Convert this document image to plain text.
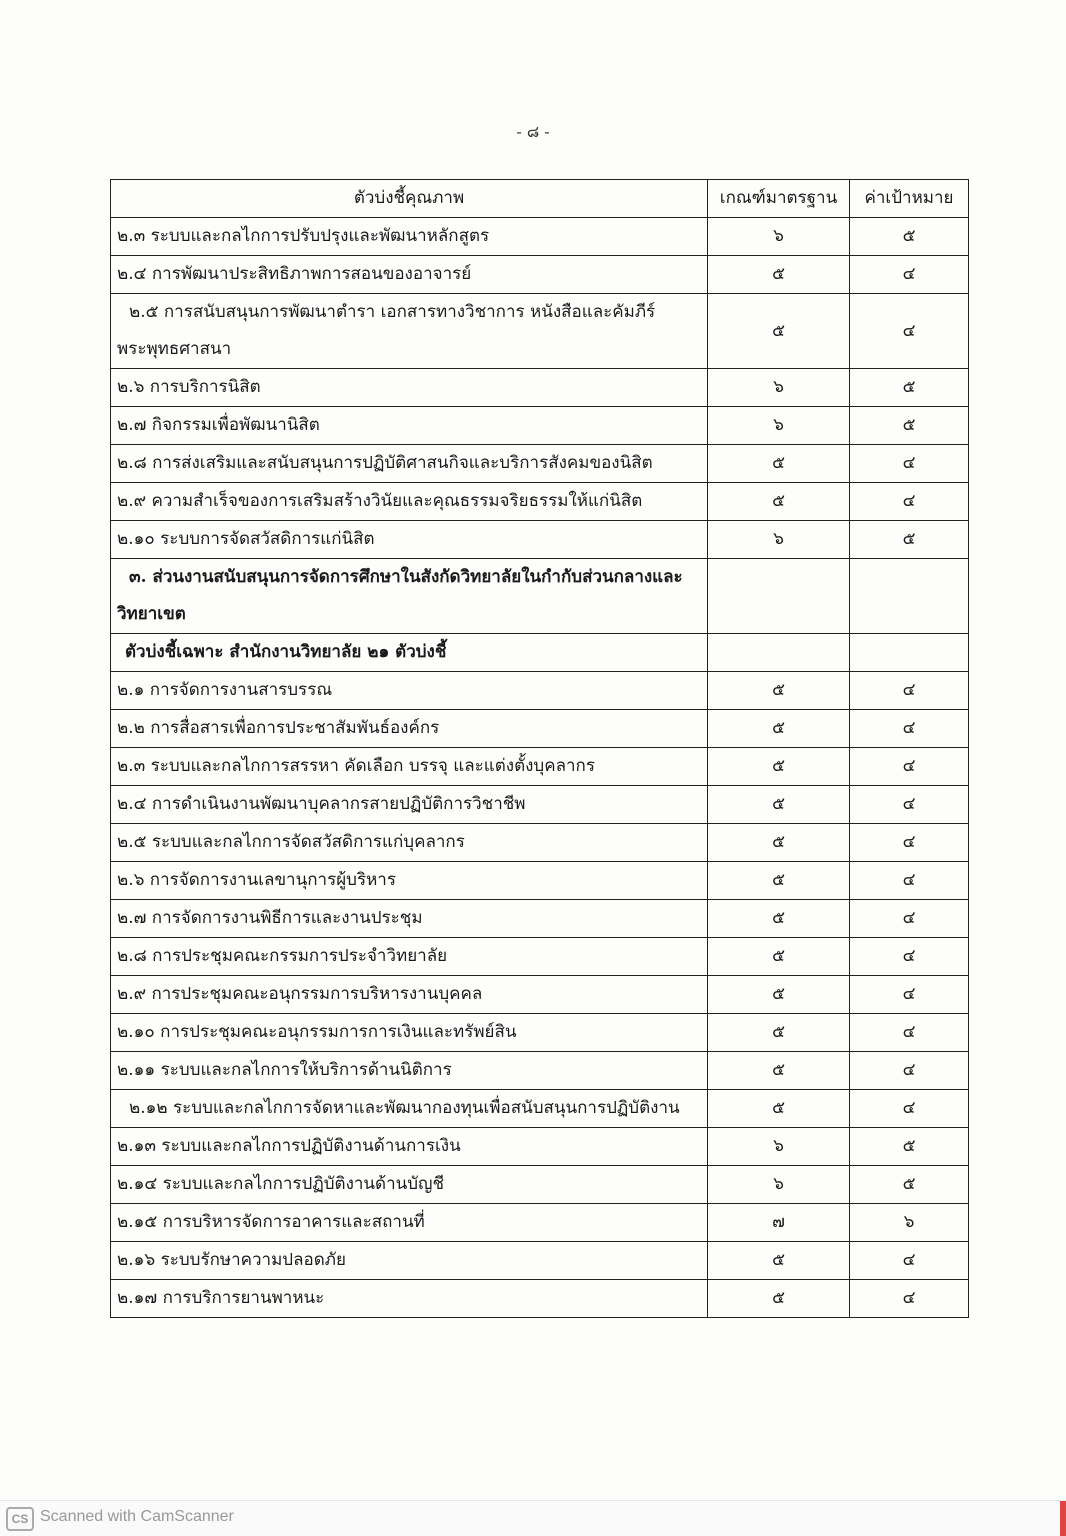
- ๘ -
ตัวบ่งชี้คุณภาพ	เกณฑ์มาตรฐาน	ค่าเป้าหมาย
๒.๓ ระบบและกลไกการปรับปรุงและพัฒนาหลักสูตร	๖	๕
๒.๔ การพัฒนาประสิทธิภาพการสอนของอาจารย์	๕	๔
๒.๕ การสนับสนุนการพัฒนาตำรา เอกสารทางวิชาการ หนังสือและคัมภีร์พระพุทธศาสนา	๕	๔
๒.๖ การบริการนิสิต	๖	๕
๒.๗ กิจกรรมเพื่อพัฒนานิสิต	๖	๕
๒.๘ การส่งเสริมและสนับสนุนการปฏิบัติศาสนกิจและบริการสังคมของนิสิต	๕	๔
๒.๙ ความสำเร็จของการเสริมสร้างวินัยและคุณธรรมจริยธรรมให้แก่นิสิต	๕	๔
๒.๑๐ ระบบการจัดสวัสดิการแก่นิสิต	๖	๕
๓. ส่วนงานสนับสนุนการจัดการศึกษาในสังกัดวิทยาลัยในกำกับส่วนกลางและวิทยาเขต		
ตัวบ่งชี้เฉพาะ สำนักงานวิทยาลัย ๒๑ ตัวบ่งชี้		
๒.๑ การจัดการงานสารบรรณ	๕	๔
๒.๒ การสื่อสารเพื่อการประชาสัมพันธ์องค์กร	๕	๔
๒.๓ ระบบและกลไกการสรรหา คัดเลือก บรรจุ และแต่งตั้งบุคลากร	๕	๔
๒.๔ การดำเนินงานพัฒนาบุคลากรสายปฏิบัติการวิชาชีพ	๕	๔
๒.๕ ระบบและกลไกการจัดสวัสดิการแก่บุคลากร	๕	๔
๒.๖ การจัดการงานเลขานุการผู้บริหาร	๕	๔
๒.๗ การจัดการงานพิธีการและงานประชุม	๕	๔
๒.๘ การประชุมคณะกรรมการประจำวิทยาลัย	๕	๔
๒.๙ การประชุมคณะอนุกรรมการบริหารงานบุคคล	๕	๔
๒.๑๐ การประชุมคณะอนุกรรมการการเงินและทรัพย์สิน	๕	๔
๒.๑๑ ระบบและกลไกการให้บริการด้านนิติการ	๕	๔
๒.๑๒ ระบบและกลไกการจัดหาและพัฒนากองทุนเพื่อสนับสนุนการปฏิบัติงาน	๕	๔
๒.๑๓ ระบบและกลไกการปฏิบัติงานด้านการเงิน	๖	๕
๒.๑๔ ระบบและกลไกการปฏิบัติงานด้านบัญชี	๖	๕
๒.๑๕ การบริหารจัดการอาคารและสถานที่	๗	๖
๒.๑๖ ระบบรักษาความปลอดภัย	๕	๔
๒.๑๗ การบริการยานพาหนะ	๕	๔
CS Scanned with CamScanner
